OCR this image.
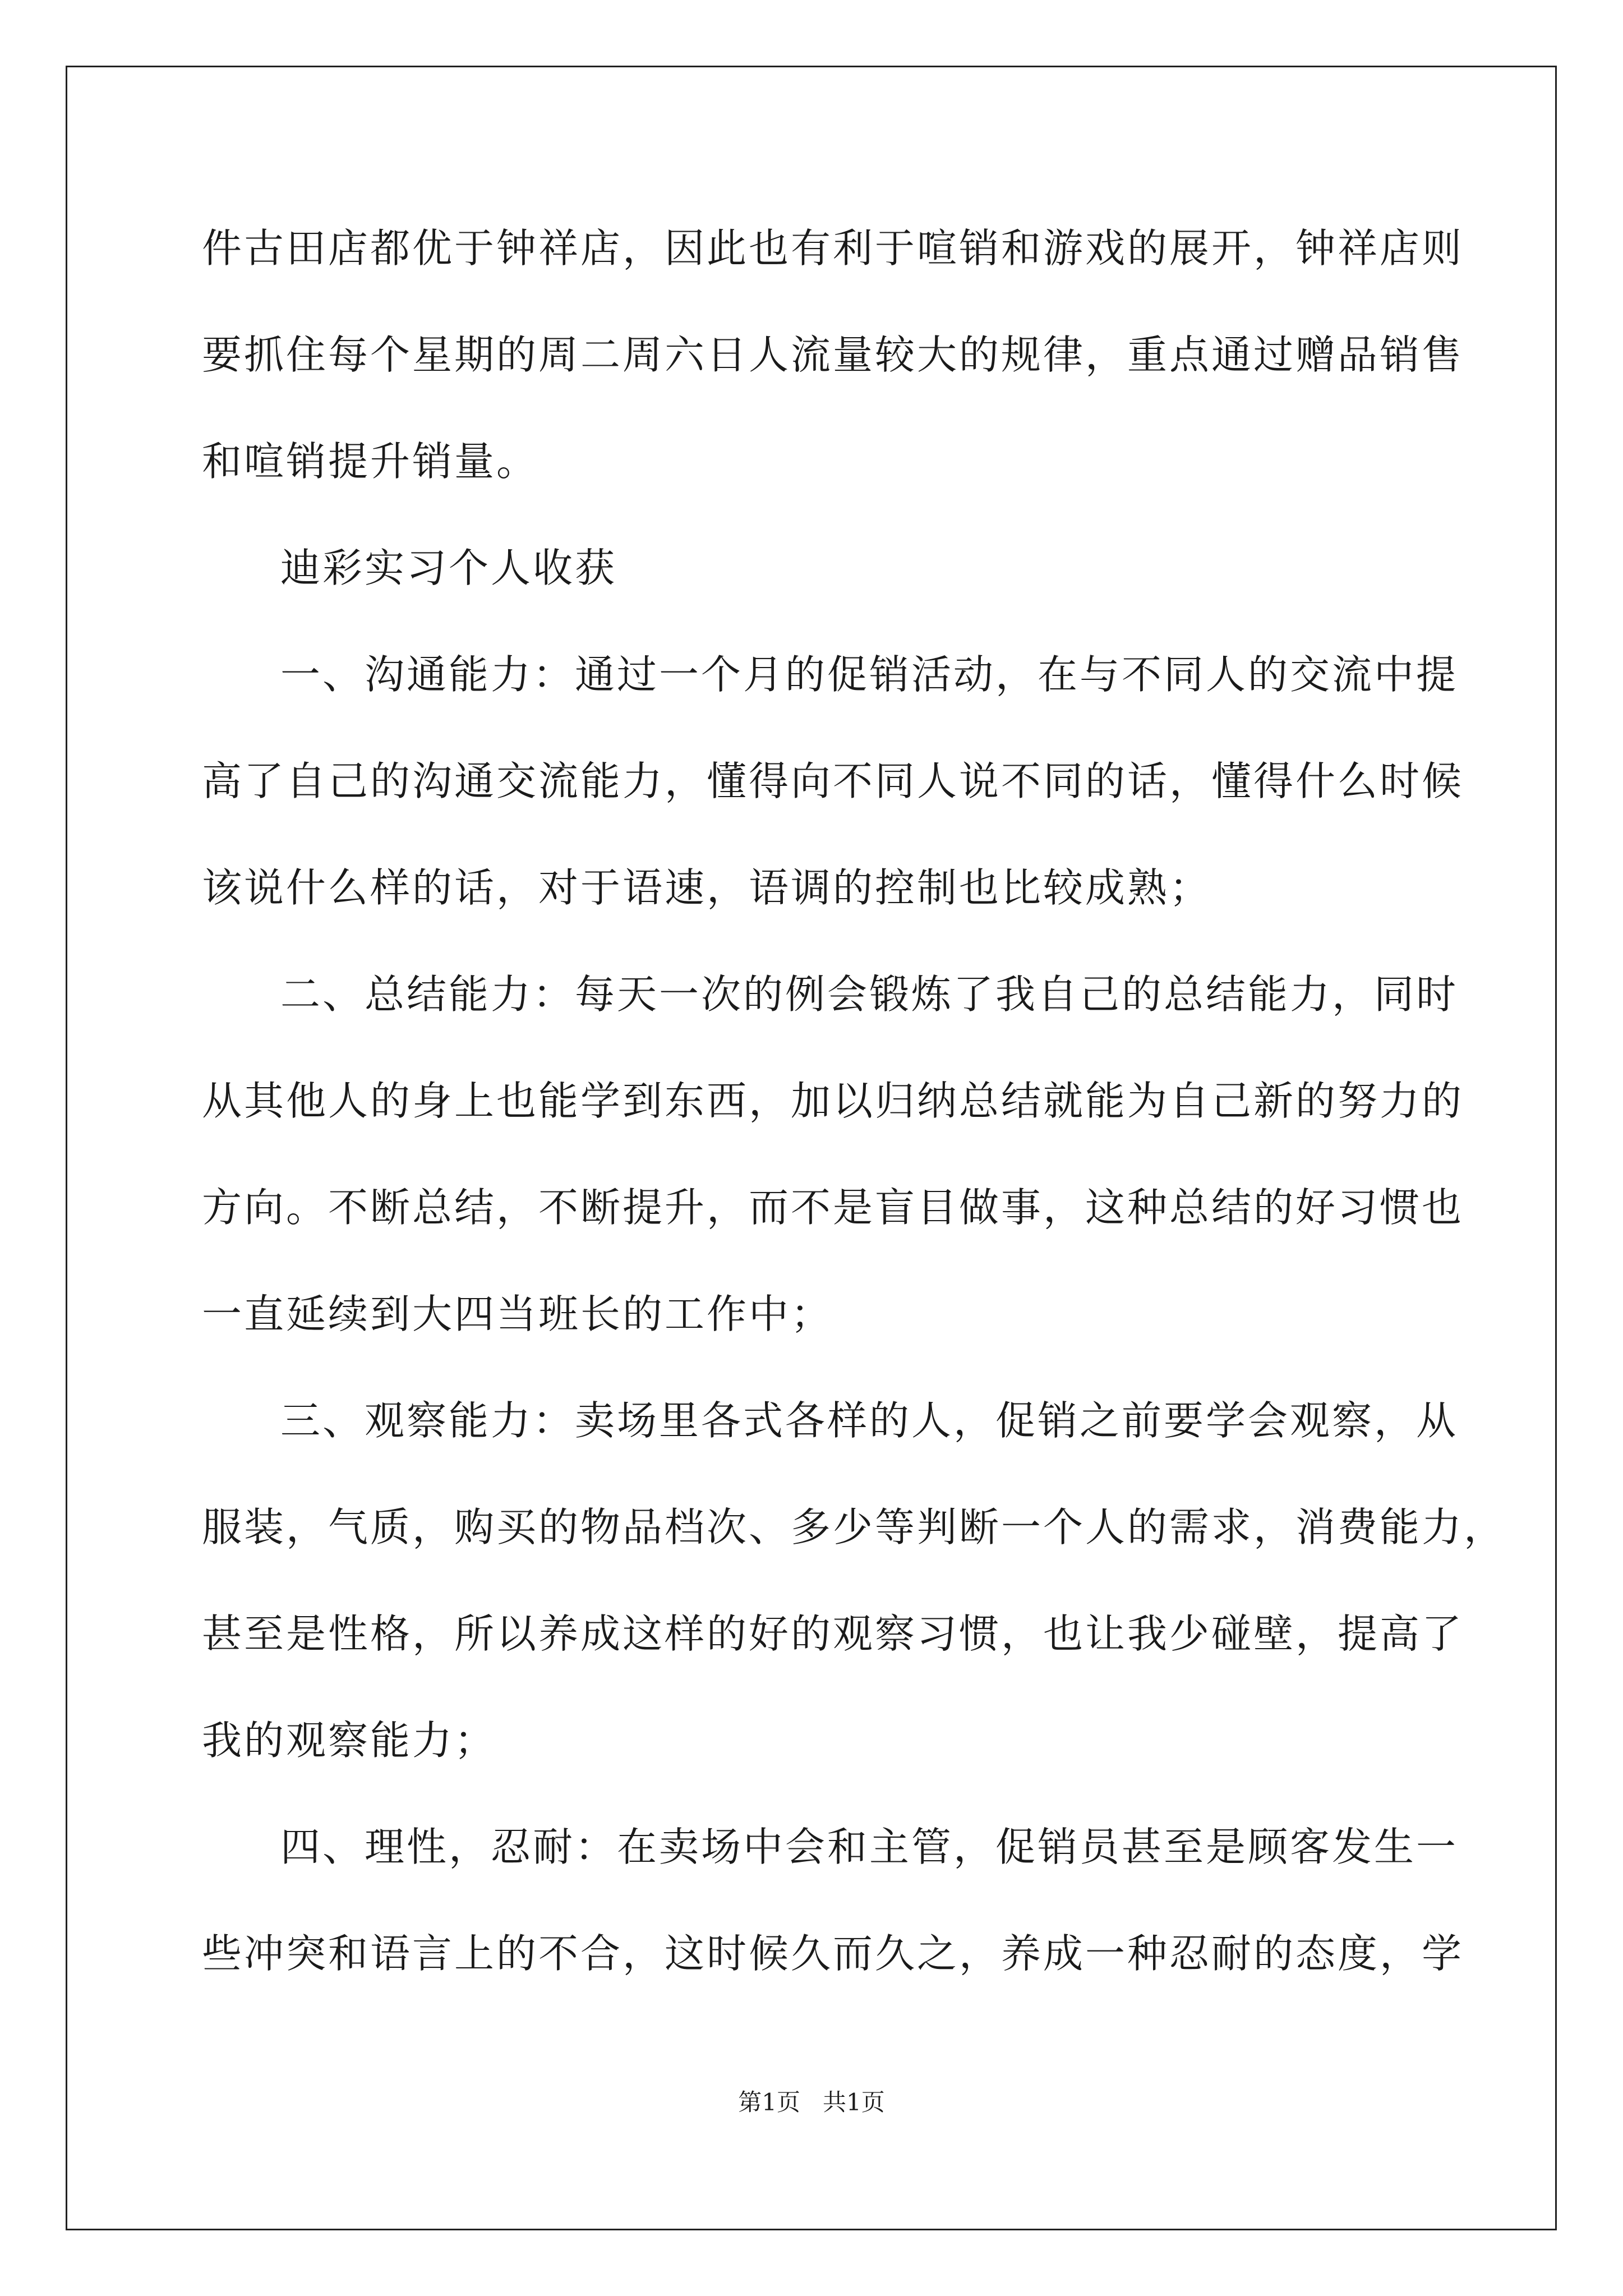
件古田店都优于钟祥店，因此也有利于喧销和游戏的展开，钟祥店则
要抓住每个星期的周二周六日人流量较大的规律，重点通过赠品销售
和喧销提升销量。
迪彩实习个人收获
一、沟通能力：通过一个月的促销活动，在与不同人的交流中提
高了自己的沟通交流能力，懂得向不同人说不同的话，懂得什么时候
该说什么样的话，对于语速，语调的控制也比较成熟；
二、总结能力：每天一次的例会锻炼了我自己的总结能力，同时
从其他人的身上也能学到东西，加以归纳总结就能为自己新的努力的
方向。不断总结，不断提升，而不是盲目做事，这种总结的好习惯也
一直延续到大四当班长的工作中；
三、观察能力：卖场里各式各样的人，促销之前要学会观察，从
服装，气质，购买的物品档次、多少等判断一个人的需求，消费能力，
甚至是性格，所以养成这样的好的观察习惯，也让我少碰壁，提高了
我的观察能力；
四、理性，忍耐：在卖场中会和主管，促销员甚至是顾客发生一
些冲突和语言上的不合，这时候久而久之，养成一种忍耐的态度，学
第1页   共1页
